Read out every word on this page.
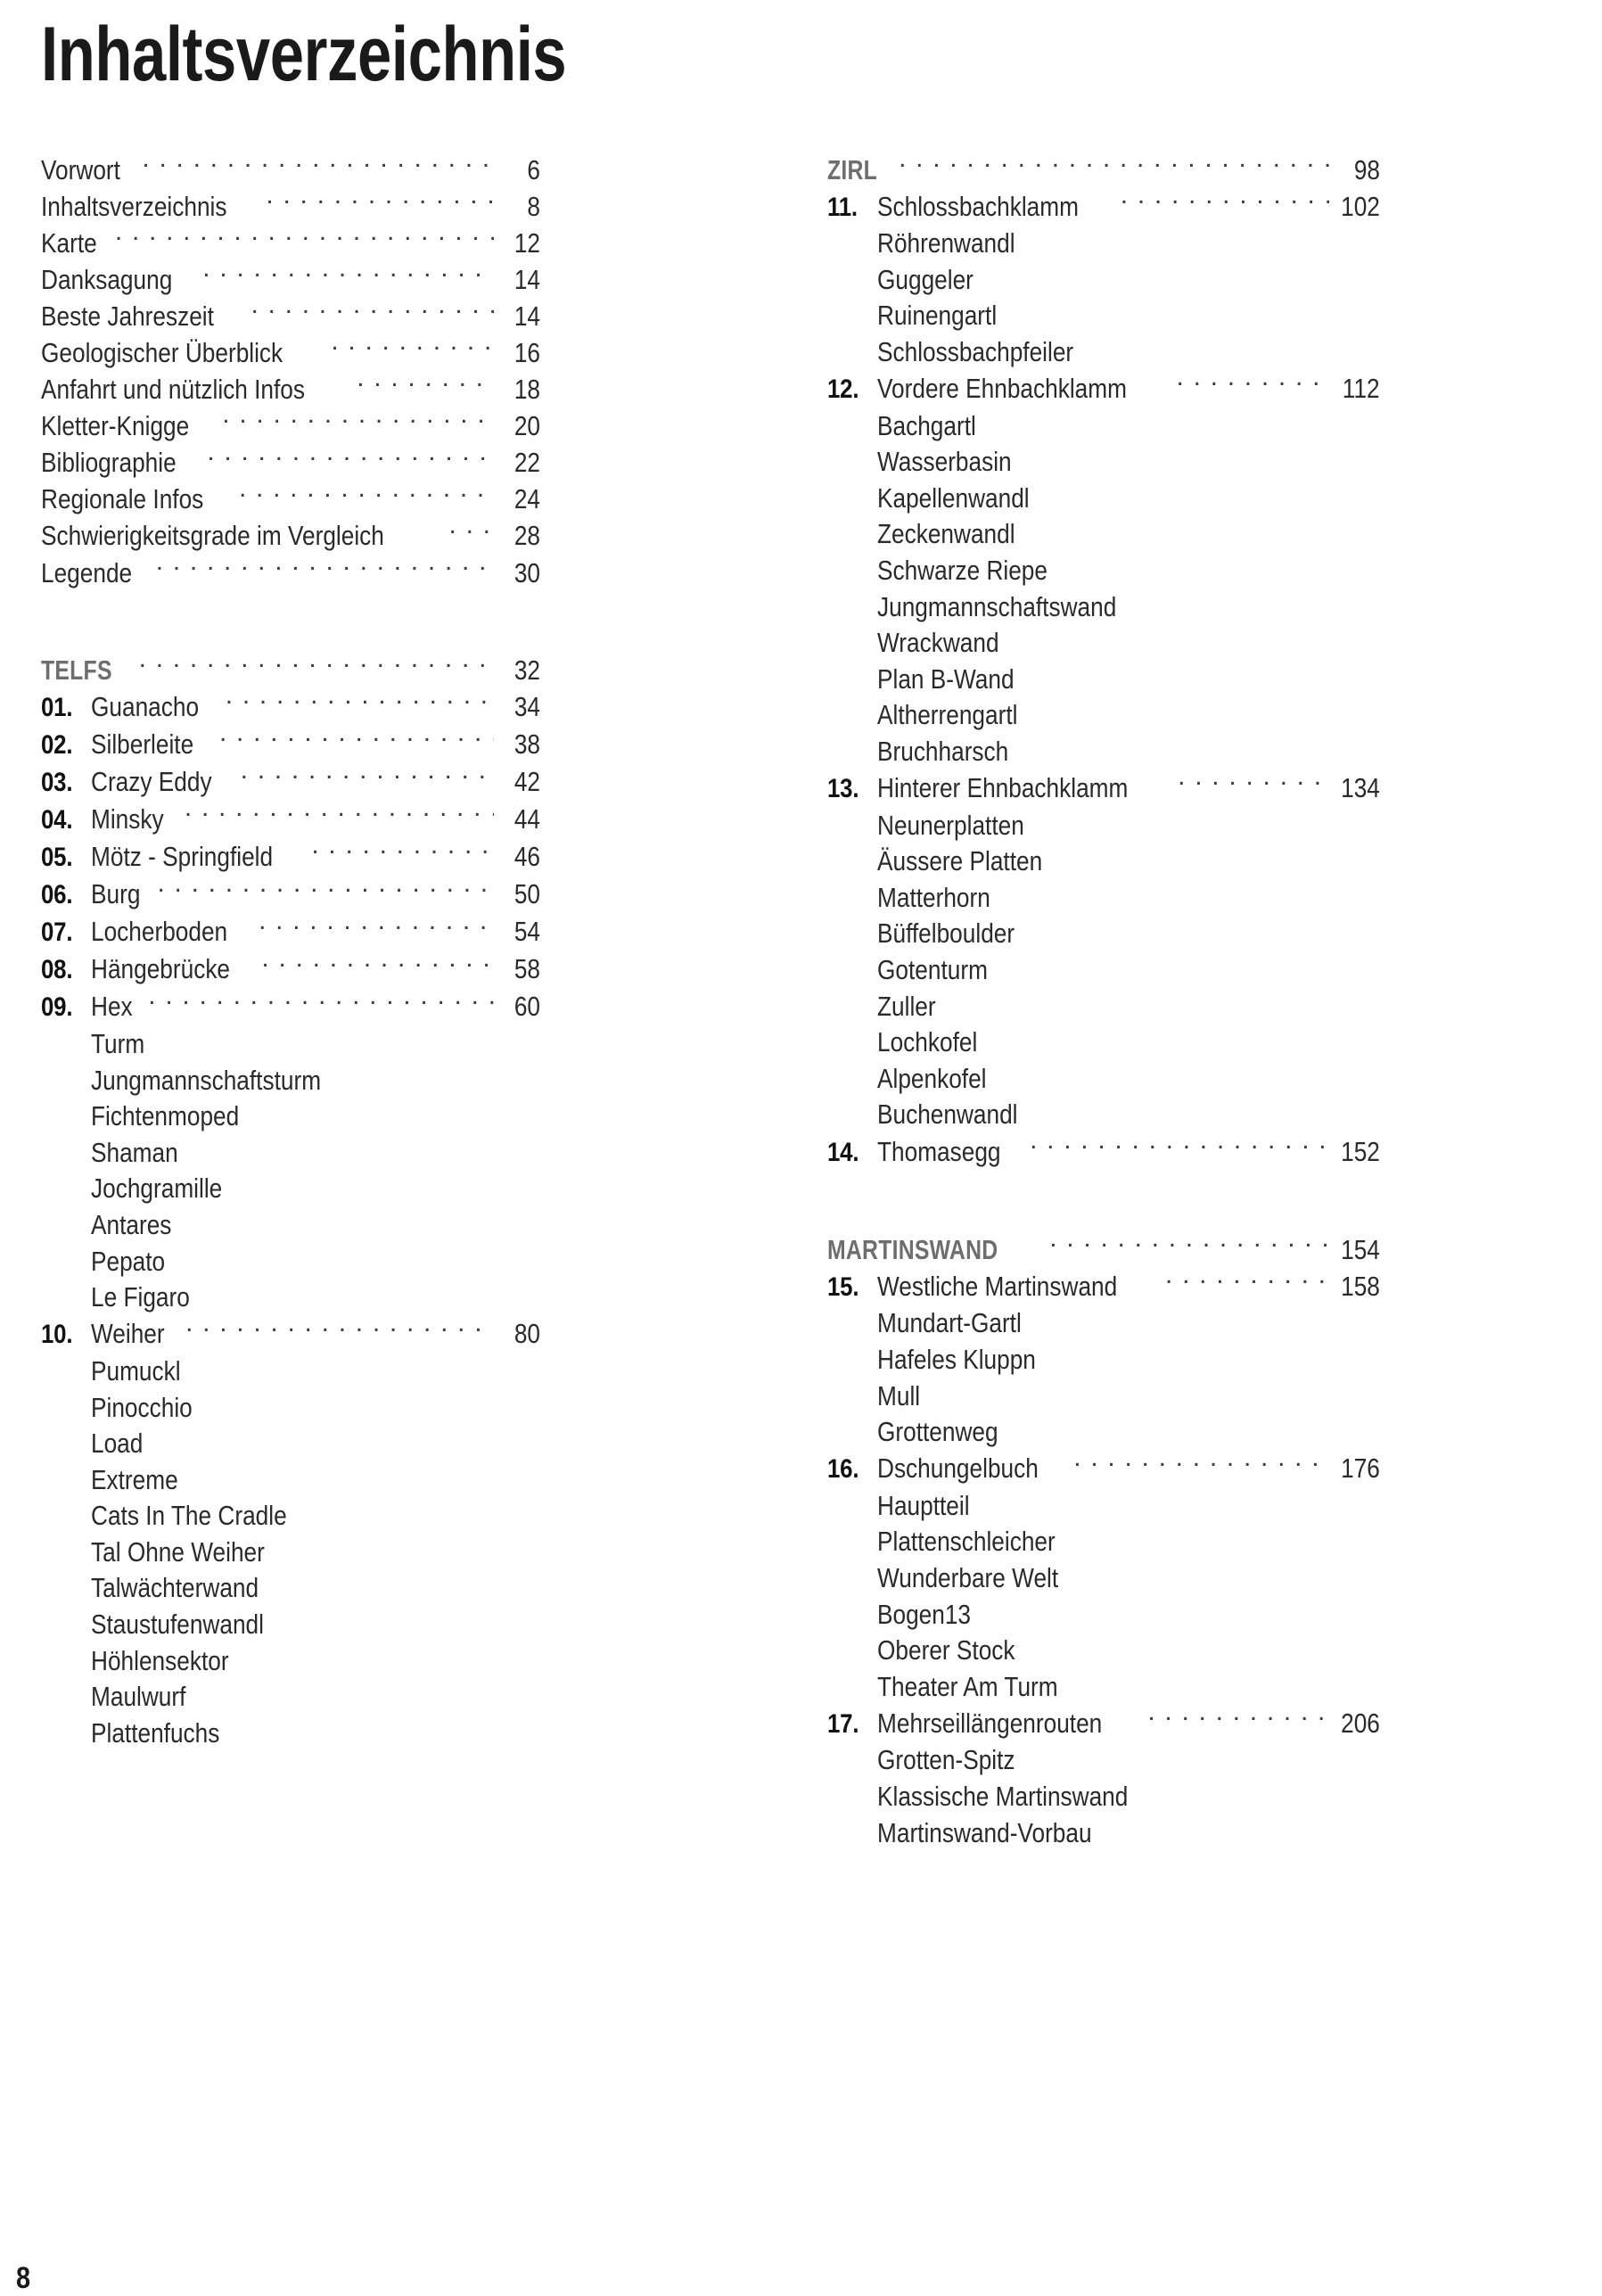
Inhaltsverzeichnis
Vorwort . . .	6
Inhaltsverzeichnis . . .	8
Karte . . .	12
Danksagung . . .	14
Beste Jahreszeit . . .	14
Geologischer Überblick . . .	16
Anfahrt und nützlich Infos . . .	18
Kletter-Knigge . . .	20
Bibliographie . . .	22
Regionale Infos . . .	24
Schwierigkeitsgrade im Vergleich . . .	28
Legende . . .	30
TELFS . . .	32
01. Guanacho . . .	34
02. Silberleite . . .	38
03. Crazy Eddy . . .	42
04. Minsky . . .	44
05. Mötz - Springfield . . .	46
06. Burg . . .	50
07. Locherboden . . .	54
08. Hängebrücke . . .	58
09. Hex . . .	60
Turm
Jungmannschaftsturm
Fichtenmoped
Shaman
Jochgramille
Antares
Pepato
Le Figaro
10. Weiher . . .	80
Pumuckl
Pinocchio
Load
Extreme
Cats In The Cradle
Tal Ohne Weiher
Talwächterwand
Staustufenwandl
Höhlensektor
Maulwurf
Plattenfuchs
ZIRL . . .	98
11. Schlossbachklamm . . .	102
Röhrenwandl
Guggeler
Ruinengartl
Schlossbachpfeiler
12. Vordere Ehnbachklamm . . .	112
Bachgartl
Wasserbasin
Kapellenwandl
Zeckenwandl
Schwarze Riepe
Jungmannschaftswand
Wrackwand
Plan B-Wand
Altherrengartl
Bruchharsch
13. Hinterer Ehnbachklamm . . .	134
Neunerplatten
Äussere Platten
Matterhorn
Büffelboulder
Gotenturm
Zuller
Lochkofel
Alpenkofel
Buchenwandl
14. Thomasegg . . .	152
MARTINSWAND . . .	154
15. Westliche Martinswand . . .	158
Mundart-Gartl
Hafeles Kluppn
Mull
Grottenweg
16. Dschungelbuch . . .	176
Hauptteil
Plattenschleicher
Wunderbare Welt
Bogen13
Oberer Stock
Theater Am Turm
17. Mehrseillängenrouten . . .	206
Grotten-Spitz
Klassische Martinswand
Martinswand-Vorbau
8
